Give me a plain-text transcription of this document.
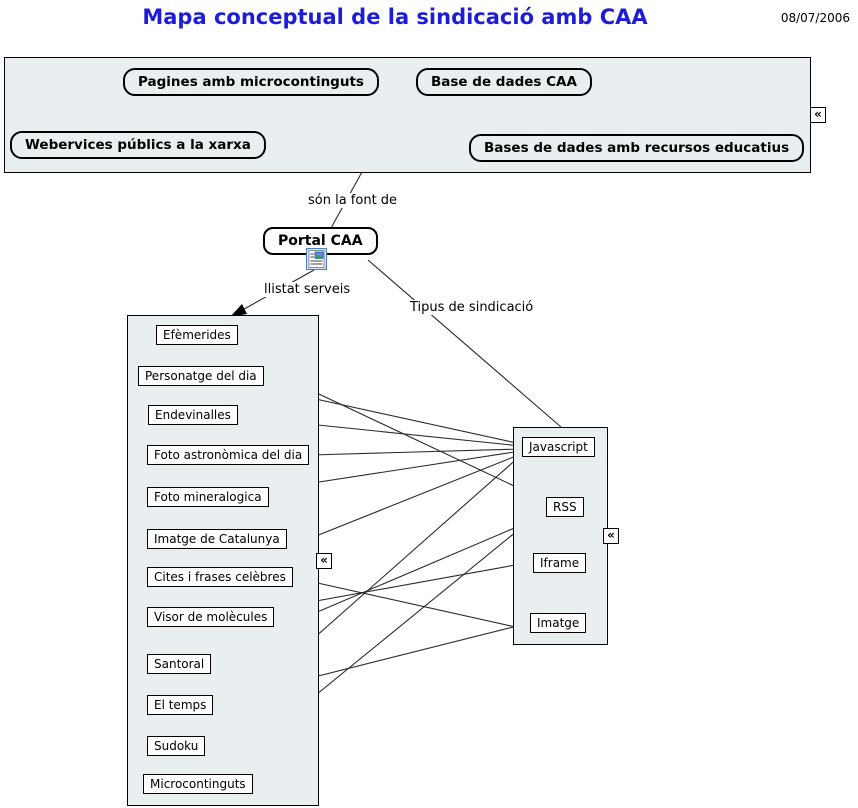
Mapa conceptual de la sindicació amb CAA	08/07/2006
Pagines amb microcontinguts	Base de dades CAA
Webervices públics a la xarxa	Bases de dades amb recursos educatius
«
són la font de
llistat serveis
Tipus de sindicació
Portal CAA
Efèmerides
Personatge del dia
Endevinalles
Foto astronòmica del dia
Foto mineralogica
Imatge de Catalunya
Cites i frases celèbres
Visor de molècules
Santoral
El temps
Sudoku
Microcontinguts
«
Javascript
RSS
Iframe
Imatge
«
